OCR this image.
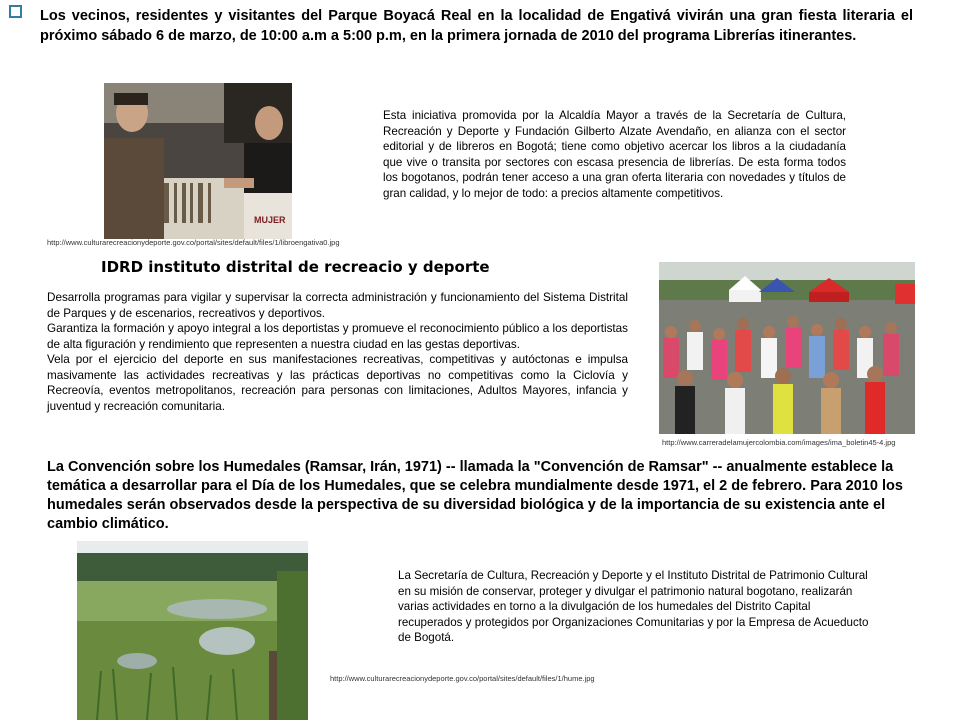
Los vecinos, residentes y visitantes del Parque Boyacá Real en la localidad de Engativá vivirán una gran fiesta literaria el próximo sábado 6 de marzo, de 10:00 a.m a 5:00 p.m, en la primera jornada de 2010 del programa Librerías itinerantes.
MUJER
http://www.culturarecreacionydeporte.gov.co/portal/sites/default/files/1/libroengativa0.jpg
Esta iniciativa promovida por la Alcaldía Mayor a través de la Secretaría de Cultura, Recreación y Deporte y Fundación Gilberto Alzate Avendaño, en alianza con el sector editorial y de libreros en Bogotá; tiene como objetivo acercar los libros a la ciudadanía que vive o transita por sectores con escasa presencia de librerías. De esta forma todos los bogotanos, podrán tener acceso a una gran oferta literaria con novedades y títulos de gran calidad, y lo mejor de todo: a precios altamente competitivos.
IDRD instituto distrital de recreacio y deporte

Desarrolla programas para vigilar y supervisar la correcta administración y funcionamiento del Sistema Distrital de Parques y de escenarios, recreativos y deportivos.

Garantiza la formación y apoyo integral a los deportistas y promueve el reconocimiento público a los deportistas de alta figuración y rendimiento que representen a nuestra ciudad en las gestas deportivas.

Vela por el ejercicio del deporte en sus manifestaciones recreativas, competitivas y autóctonas e impulsa masivamente las actividades recreativas y las prácticas deportivas no competitivas como la Ciclovía y Recreovía, eventos metropolitanos, recreación para personas con limitaciones, Adultos Mayores, infancia y juventud y recreación comunitaria.

http://www.carreradelamujercolombia.com/images/ima_boletin45-4.jpg
La Convención sobre los Humedales (Ramsar, Irán, 1971) -- llamada la "Convención de Ramsar" -- anualmente establece la temática a desarrollar para el Día de los Humedales, que se celebra mundialmente desde 1971, el 2 de febrero. Para 2010 los humedales serán observados desde la perspectiva de su diversidad biológica y de la importancia de su existencia ante el cambio climático.
La Secretaría de Cultura, Recreación y Deporte y el Instituto Distrital de Patrimonio Cultural en su misión de conservar, proteger y divulgar el patrimonio natural bogotano, realizarán varias actividades en torno a la divulgación de los humedales del Distrito Capital recuperados y protegidos por Organizaciones Comunitarias y por la Empresa de Acueducto de Bogotá.
http://www.culturarecreacionydeporte.gov.co/portal/sites/default/files/1/hume.jpg
